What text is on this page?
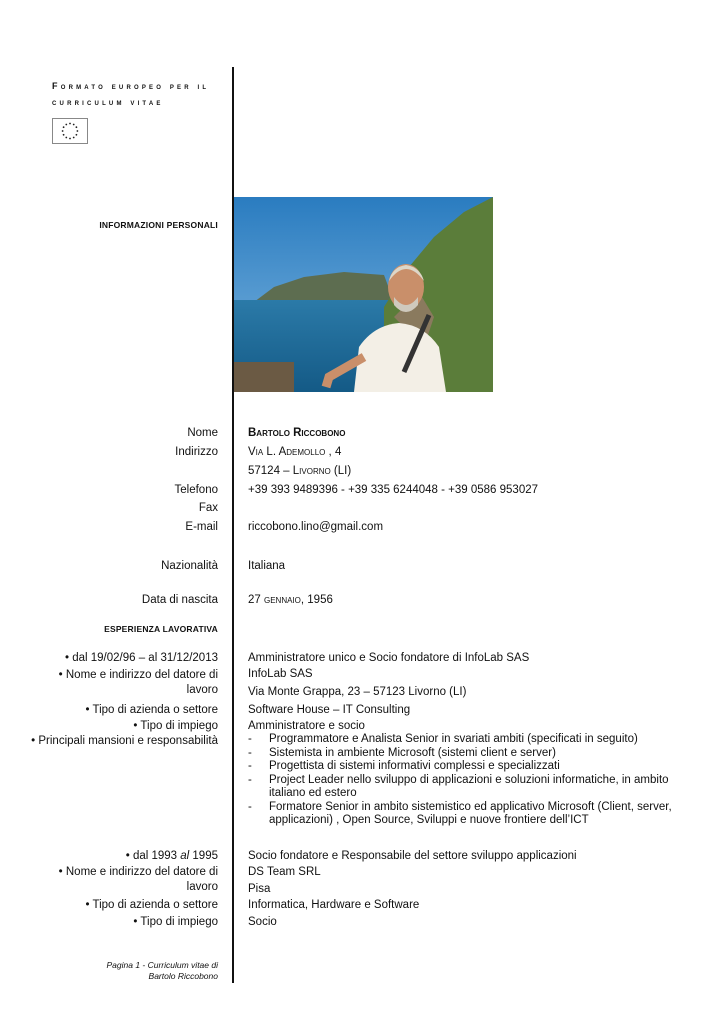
Formato europeo per il
curriculum vitae
INFORMAZIONI PERSONALI
Nome	Bartolo Riccobono
Indirizzo	Via L. Ademollo , 4
57124 – Livorno (LI)
Telefono	+39 393 9489396 - +39 335 6244048 - +39 0586 953027
Fax
E-mail	riccobono.lino@gmail.com
Nazionalità	Italiana
Data di nascita	27 gennaio, 1956
ESPERIENZA LAVORATIVA
• dal 19/02/96 – al 31/12/2013	Amministratore unico e Socio fondatore di InfoLab SAS
• Nome e indirizzo del datore di
lavoro
InfoLab SAS
Via Monte Grappa, 23 – 57123 Livorno (LI)
• Tipo di azienda o settore	Software House – IT Consulting
• Tipo di impiego	Amministratore e socio
• Principali mansioni e responsabilità
-	Programmatore e Analista Senior in svariati ambiti (specificati in seguito)
- Sistemista in ambiente Microsoft (sistemi client e server)
- Progettista di sistemi informativi complessi e specializzati
- Project Leader nello sviluppo di applicazioni e soluzioni informatiche, in ambito italiano ed estero
- Formatore Senior in ambito sistemistico ed applicativo Microsoft (Client, server, applicazioni) , Open Source, Sviluppi e nuove frontiere dell’ICT
• dal 1993 al 1995	Socio fondatore e Responsabile del settore sviluppo applicazioni
• Nome e indirizzo del datore di
lavoro
DS Team SRL
Pisa
• Tipo di azienda o settore	Informatica, Hardware e Software
• Tipo di impiego	Socio
Pagina 1 - Curriculum vitae di
Bartolo Riccobono
